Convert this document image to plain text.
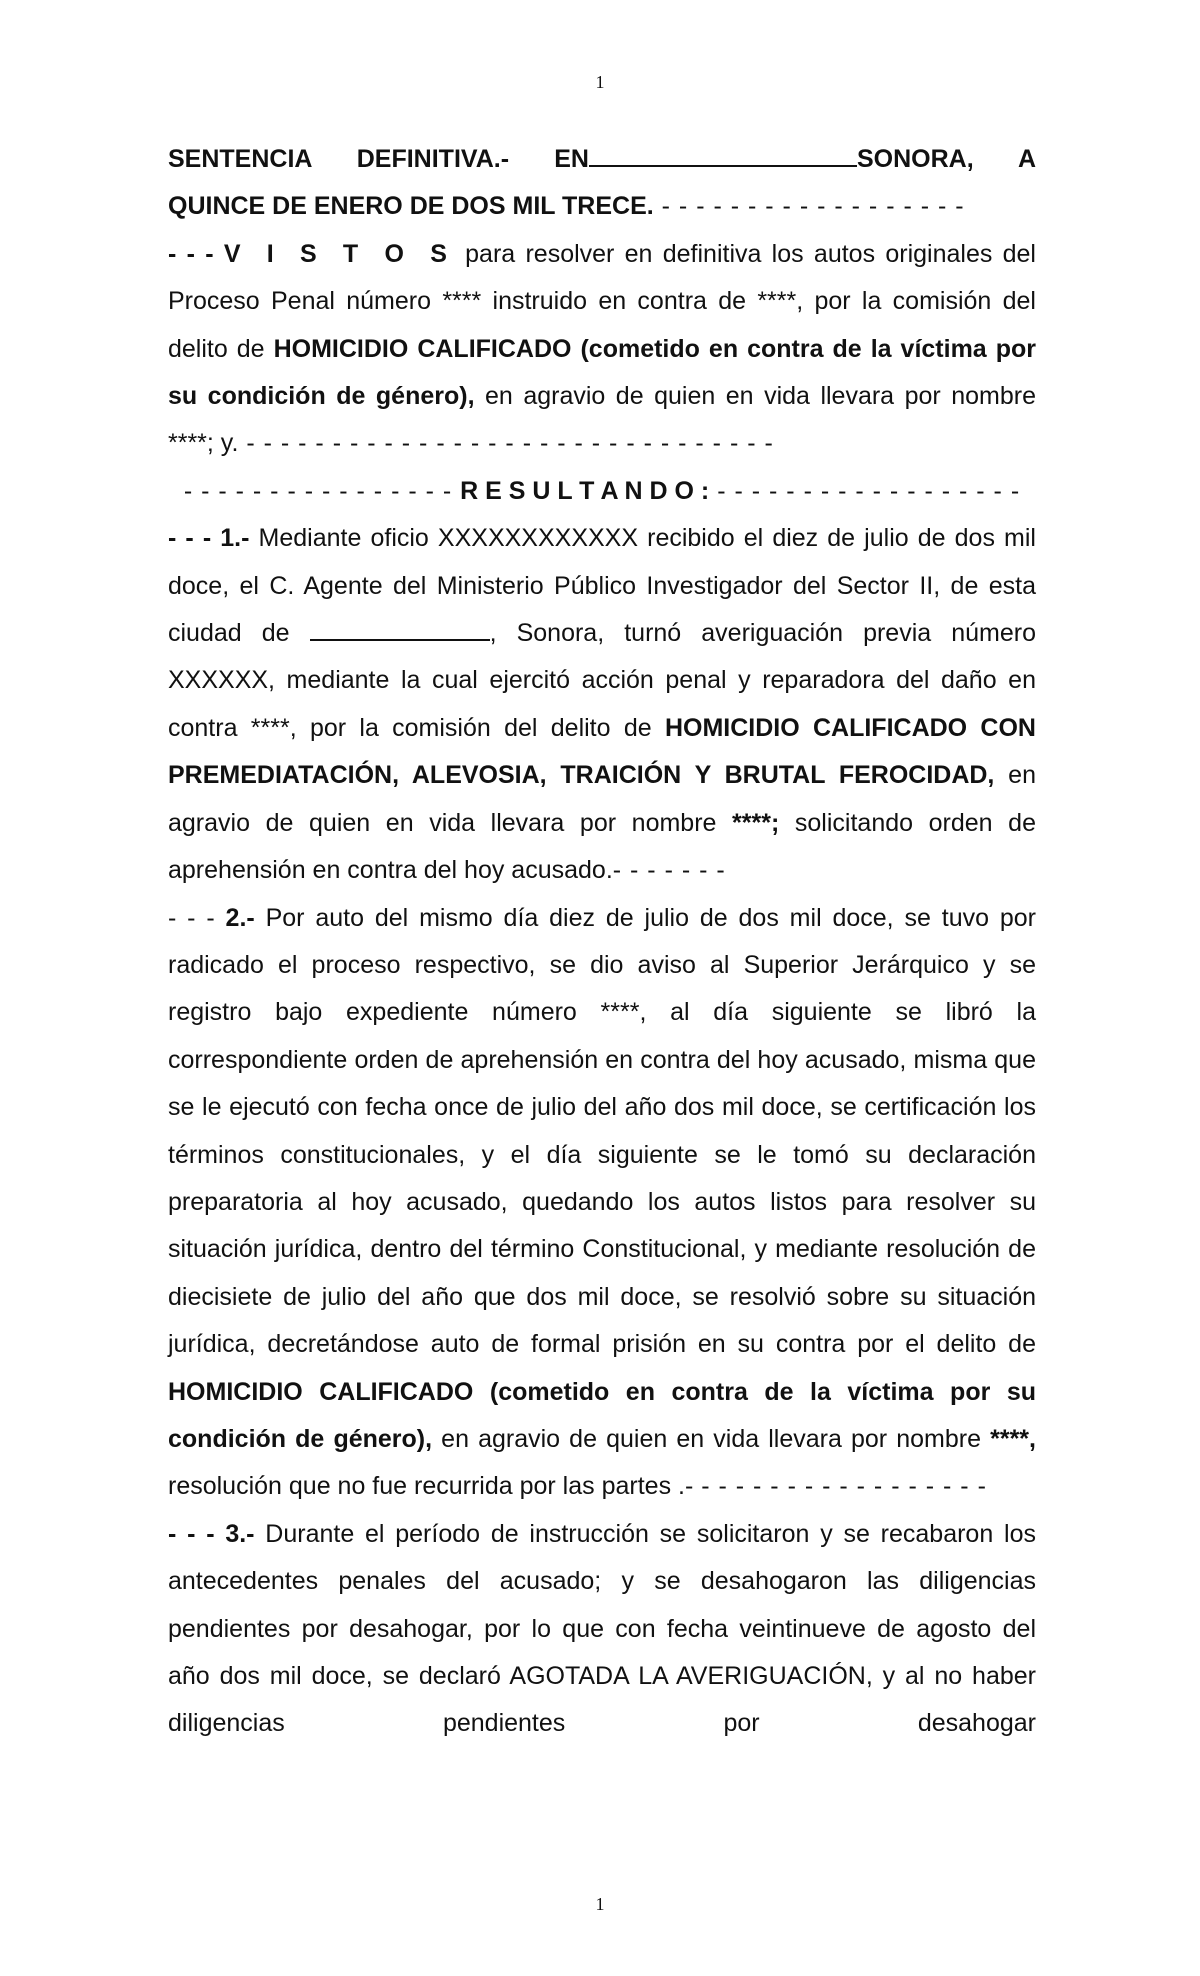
1

SENTENCIA DEFINITIVA.- EN	SONORA, A

QUINCE DE ENERO DE DOS MIL TRECE. - - - - - - - - - - - - - - - - - -

- - - V I S T O S para resolver en definitiva los autos originales del Proceso Penal número **** instruido en contra de ****, por la comisión del delito de HOMICIDIO CALIFICADO (cometido en contra de la víctima por su condición de género), en agravio de quien en vida llevara por nombre ****; y. - - - - - - - - - - - - - - - - - - - - - - - - - - - - - - -

- - - - - - - - - - - - - - - - R E S U L T A N D O : - - - - - - - - - - - - - - - - - -

- - - 1.- Mediante oficio XXXXXXXXXXXX recibido el diez de julio de dos mil doce, el C. Agente del Ministerio Público Investigador del Sector II, de esta ciudad de	, Sonora, turnó averiguación previa número XXXXXX, mediante la cual ejercitó acción penal y reparadora del daño en contra ****, por la comisión del delito de HOMICIDIO CALIFICADO CON PREMEDIATACIÓN, ALEVOSIA, TRAICIÓN Y BRUTAL FEROCIDAD, en agravio de quien en vida llevara por nombre ****; solicitando orden de aprehensión en contra del hoy acusado.- - - - - - -

- - - 2.- Por auto del mismo día diez de julio de dos mil doce, se tuvo por radicado el proceso respectivo, se dio aviso al Superior Jerárquico y se registro bajo expediente número ****, al día siguiente se libró la correspondiente orden de aprehensión en contra del hoy acusado, misma que se le ejecutó con fecha once de julio del año dos mil doce, se certificación los términos constitucionales, y el día siguiente se le tomó su declaración preparatoria al hoy acusado, quedando los autos listos para resolver su situación jurídica, dentro del término Constitucional, y mediante resolución de diecisiete de julio del año que dos mil doce, se resolvió sobre su situación jurídica, decretándose auto de formal prisión en su contra por el delito de HOMICIDIO CALIFICADO (cometido en contra de la víctima por su condición de género), en agravio de quien en vida llevara por nombre ****, resolución que no fue recurrida por las partes .- - - - - - - - - - - - - - - - - -

- - - 3.- Durante el período de instrucción se solicitaron y se recabaron los antecedentes penales del acusado; y se desahogaron las diligencias pendientes por desahogar, por lo que con fecha veintinueve de agosto del año dos mil doce, se declaró AGOTADA LA AVERIGUACIÓN, y al no haber diligencias pendientes por desahogar

1
